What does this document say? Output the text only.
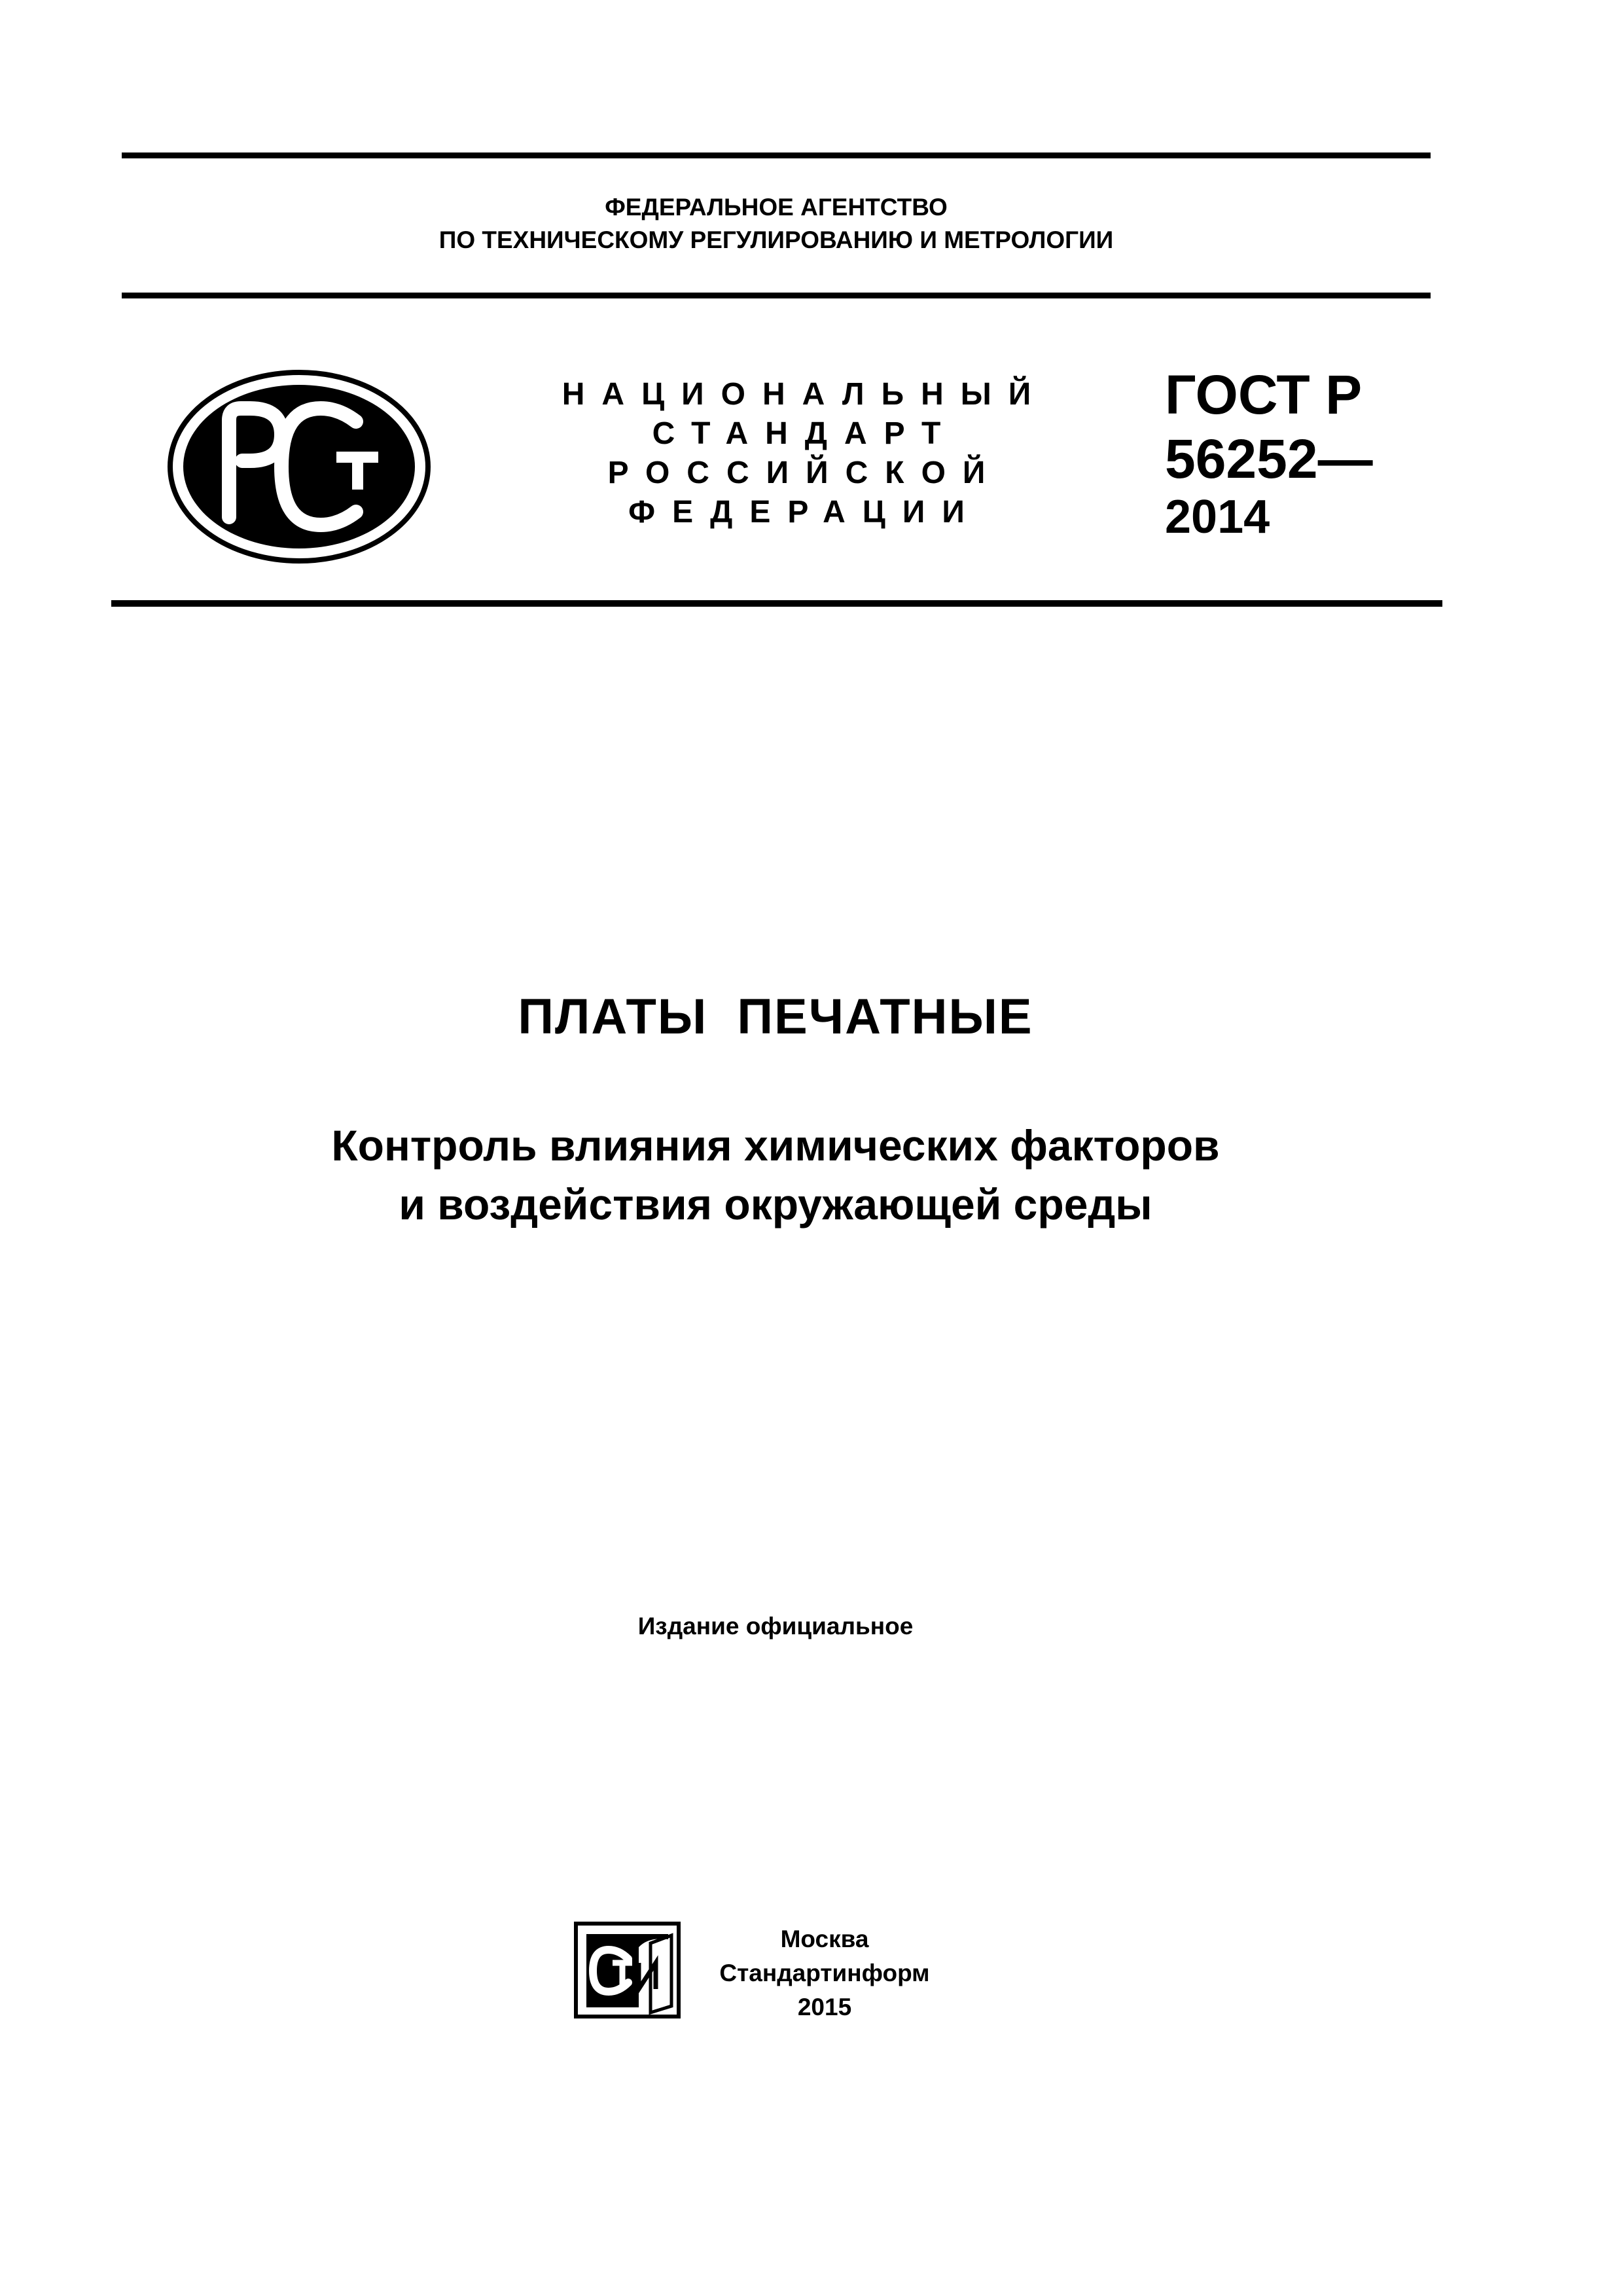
ФЕДЕРАЛЬНОЕ АГЕНТСТВО
ПО ТЕХНИЧЕСКОМУ РЕГУЛИРОВАНИЮ И МЕТРОЛОГИИ
НАЦИОНАЛЬНЫЙ
СТАНДАРТ
РОССИЙСКОЙ
ФЕДЕРАЦИИ
ГОСТ Р
56252—
2014
ПЛАТЫ ПЕЧАТНЫЕ
Контроль влияния химических факторов
и воздействия окружающей среды
Издание официальное
Москва
Стандартинформ
2015
